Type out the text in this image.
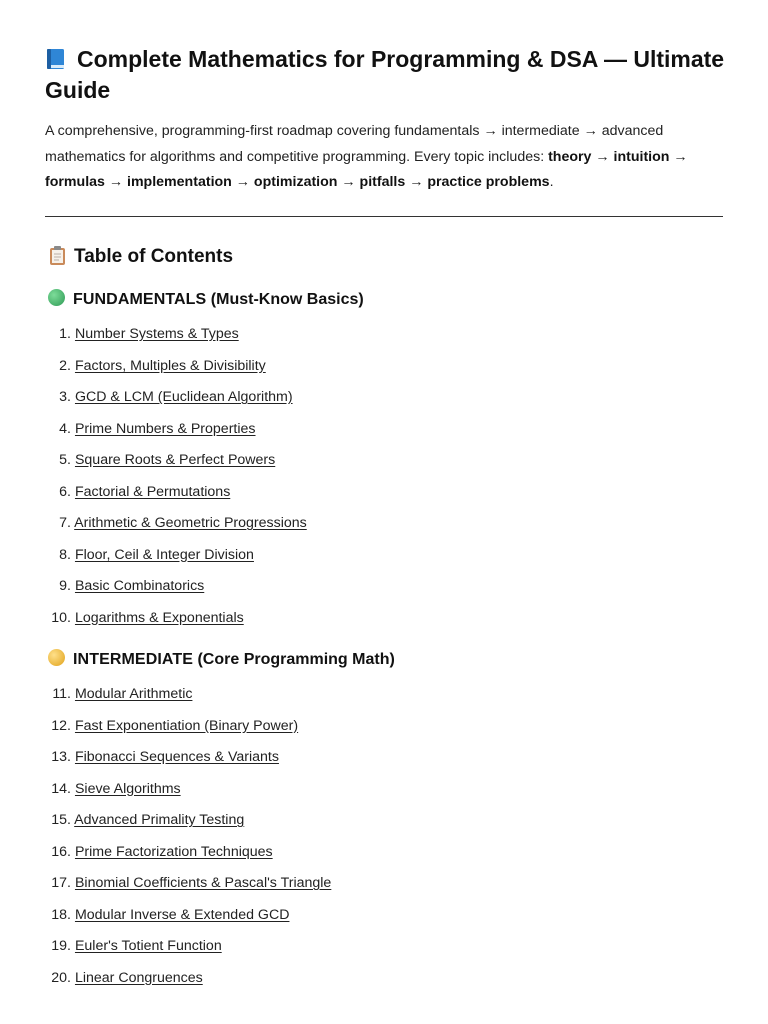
Complete Mathematics for Programming & DSA — Ultimate Guide

A comprehensive, programming-first roadmap covering fundamentals → intermediate → advanced mathematics for algorithms and competitive programming. Every topic includes: theory → intuition → formulas → implementation → optimization → pitfalls → practice problems.

Table of Contents
FUNDAMENTALS (Must-Know Basics)
1. Number Systems & Types
2. Factors, Multiples & Divisibility
3. GCD & LCM (Euclidean Algorithm)
4. Prime Numbers & Properties
5. Square Roots & Perfect Powers
6. Factorial & Permutations
7. Arithmetic & Geometric Progressions
8. Floor, Ceil & Integer Division
9. Basic Combinatorics
10. Logarithms & Exponentials
INTERMEDIATE (Core Programming Math)
11. Modular Arithmetic
12. Fast Exponentiation (Binary Power)
13. Fibonacci Sequences & Variants
14. Sieve Algorithms
15. Advanced Primality Testing
16. Prime Factorization Techniques
17. Binomial Coefficients & Pascal's Triangle
18. Modular Inverse & Extended GCD
19. Euler's Totient Function
20. Linear Congruences
